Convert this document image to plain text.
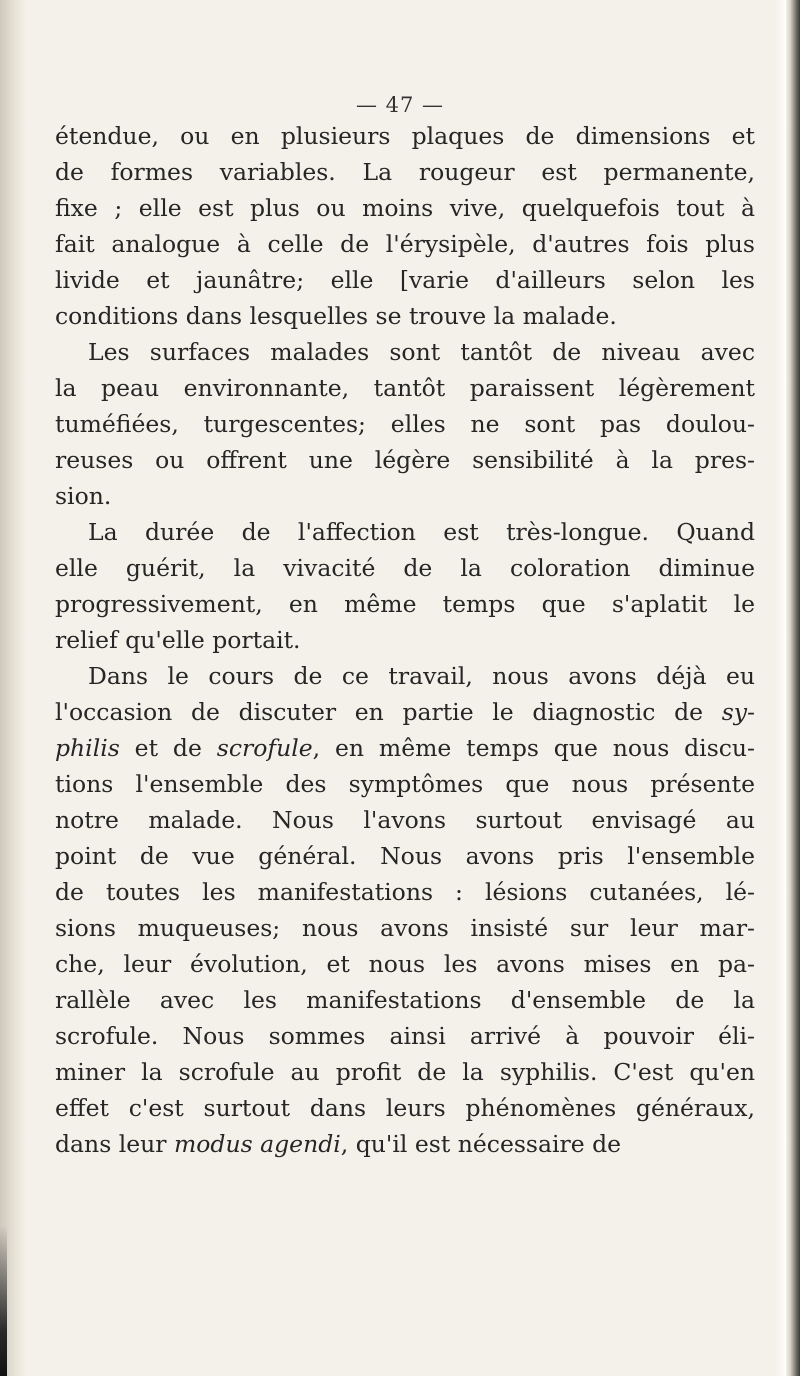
— 47 —
étendue, ou en plusieurs plaques de dimensions et
de formes variables. La rougeur est permanente,
fixe ; elle est plus ou moins vive, quelquefois tout à
fait analogue à celle de l'érysipèle, d'autres fois plus
livide et jaunâtre; elle [varie d'ailleurs selon les
conditions dans lesquelles se trouve la malade.
Les surfaces malades sont tantôt de niveau avec
la peau environnante, tantôt paraissent légèrement
tuméfiées, turgescentes; elles ne sont pas doulou-
reuses ou offrent une légère sensibilité à la pres-
sion.
La durée de l'affection est très-longue. Quand
elle guérit, la vivacité de la coloration diminue
progressivement, en même temps que s'aplatit le
relief qu'elle portait.
Dans le cours de ce travail, nous avons déjà eu
l'occasion de discuter en partie le diagnostic de sy-
philis et de scrofule, en même temps que nous discu-
tions l'ensemble des symptômes que nous présente
notre malade. Nous l'avons surtout envisagé au
point de vue général. Nous avons pris l'ensemble
de toutes les manifestations : lésions cutanées, lé-
sions muqueuses; nous avons insisté sur leur mar-
che, leur évolution, et nous les avons mises en pa-
rallèle avec les manifestations d'ensemble de la
scrofule. Nous sommes ainsi arrivé à pouvoir éli-
miner la scrofule au profit de la syphilis. C'est qu'en
effet c'est surtout dans leurs phénomènes généraux,
dans leur modus agendi, qu'il est nécessaire de
